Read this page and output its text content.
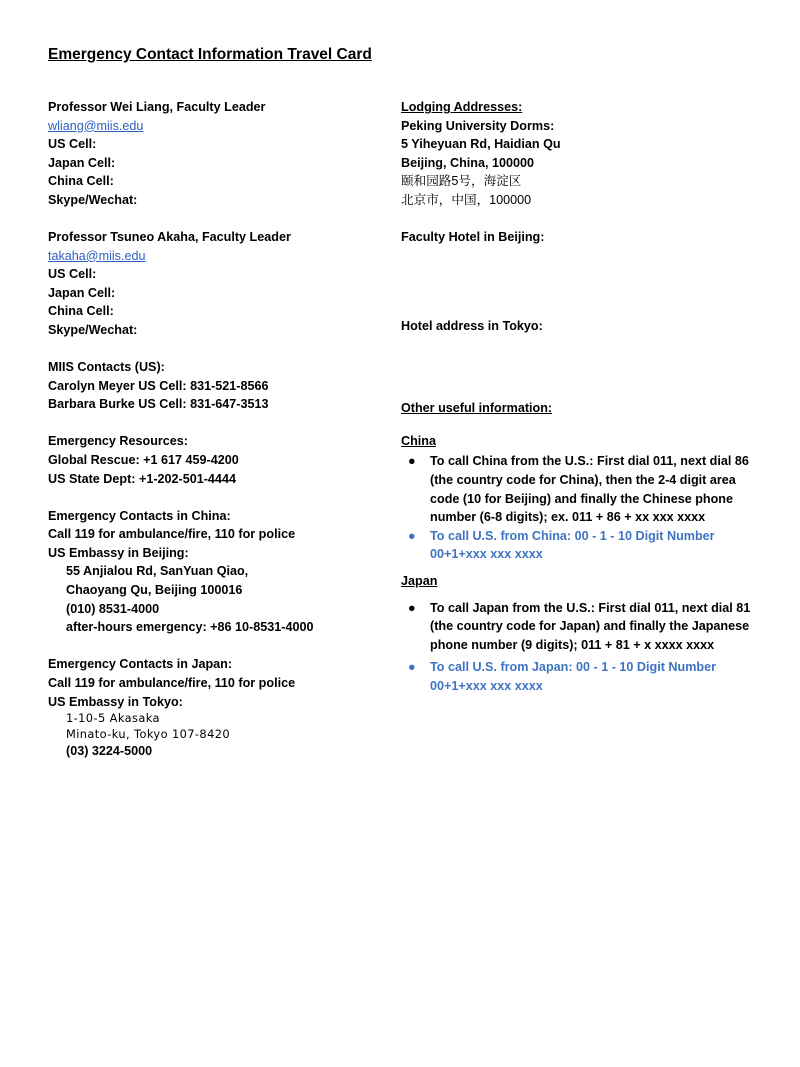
Emergency Contact Information Travel Card
Professor Wei Liang, Faculty Leader
wliang@miis.edu
US Cell:
Japan Cell:
China Cell:
Skype/Wechat:
Professor Tsuneo Akaha, Faculty Leader
takaha@miis.edu
US Cell:
Japan Cell:
China Cell:
Skype/Wechat:
MIIS Contacts (US):
Carolyn Meyer US Cell: 831-521-8566
Barbara Burke US Cell: 831-647-3513
Emergency Resources:
Global Rescue: +1 617 459-4200
US State Dept: +1-202-501-4444
Emergency Contacts in China:
Call 119 for ambulance/fire, 110 for police
US Embassy in Beijing:
55 Anjialou Rd, SanYuan Qiao,
Chaoyang Qu, Beijing 100016
(010) 8531-4000
after-hours emergency: +86 10-8531-4000
Emergency Contacts in Japan:
Call 119 for ambulance/fire, 110 for police
US Embassy in Tokyo:
1-10-5 Akasaka
Minato-ku, Tokyo 107-8420
(03) 3224-5000
Lodging Addresses:
Peking University Dorms:
5 Yiheyuan Rd, Haidian Qu
Beijing, China, 100000
颐和园路5号，海淀区
北京市，中国，100000
Faculty Hotel in Beijing:
Hotel address in Tokyo:
Other useful information:
China
● To call China from the U.S.: First dial 011, next dial 86 (the country code for China), then the 2-4 digit area code (10 for Beijing) and finally the Chinese phone number (6-8 digits); ex. 011 + 86 + xx xxx xxxx
● To call U.S. from China: 00 - 1 - 10 Digit Number
00+1+xxx xxx xxxx
Japan
● To call Japan from the U.S.: First dial 011, next dial 81 (the country code for Japan) and finally the Japanese phone number (9 digits); 011 + 81 + x xxxx xxxx
● To call U.S. from Japan: 00 - 1 - 10 Digit Number
00+1+xxx xxx xxxx
